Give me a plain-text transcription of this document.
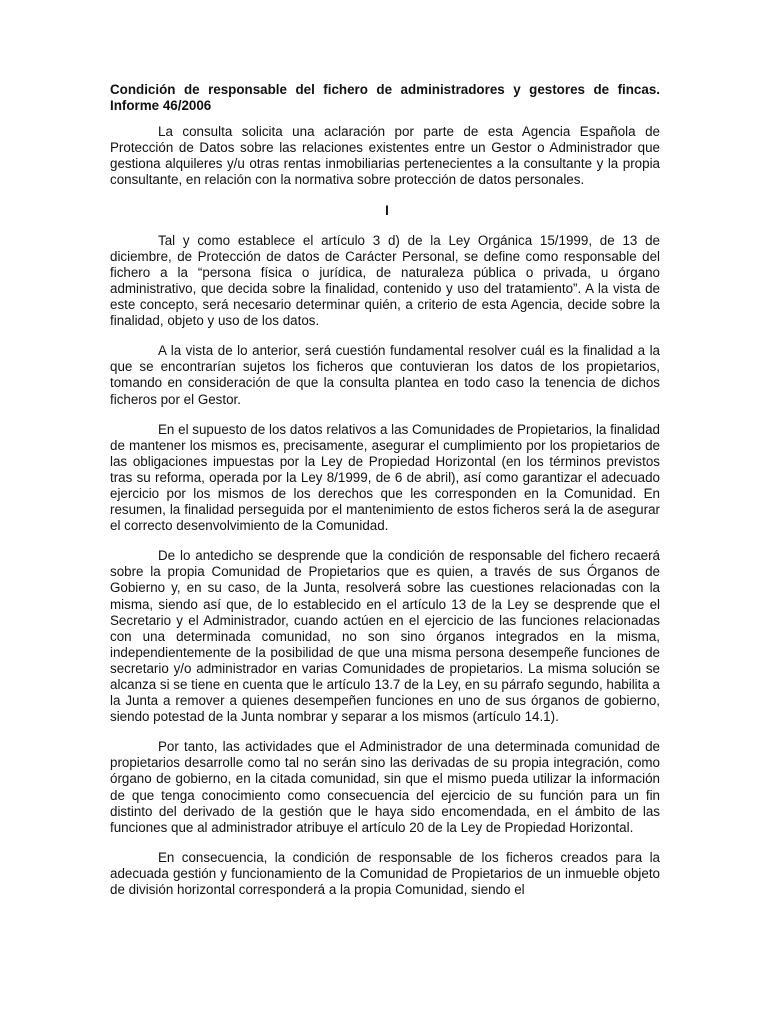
Condición de responsable del fichero de administradores y gestores de fincas. Informe 46/2006

La consulta solicita una aclaración por parte de esta Agencia Española de Protección de Datos sobre las relaciones existentes entre un Gestor o Administrador que gestiona alquileres y/u otras rentas inmobiliarias pertenecientes a la consultante y la propia consultante, en relación con la normativa sobre protección de datos personales.

I

Tal y como establece el artículo 3 d) de la Ley Orgánica 15/1999, de 13 de diciembre, de Protección de datos de Carácter Personal, se define como responsable del fichero a la “persona física o jurídica, de naturaleza pública o privada, u órgano administrativo, que decida sobre la finalidad, contenido y uso del tratamiento”. A la vista de este concepto, será necesario determinar quién, a criterio de esta Agencia, decide sobre la finalidad, objeto y uso de los datos.

A la vista de lo anterior, será cuestión fundamental resolver cuál es la finalidad a la que se encontrarían sujetos los ficheros que contuvieran los datos de los propietarios, tomando en consideración de que la consulta plantea en todo caso la tenencia de dichos ficheros por el Gestor.

En el supuesto de los datos relativos a las Comunidades de Propietarios, la finalidad de mantener los mismos es, precisamente, asegurar el cumplimiento por los propietarios de las obligaciones impuestas por la Ley de Propiedad Horizontal (en los términos previstos tras su reforma, operada por la Ley 8/1999, de 6 de abril), así como garantizar el adecuado ejercicio por los mismos de los derechos que les corresponden en la Comunidad. En resumen, la finalidad perseguida por el mantenimiento de estos ficheros será la de asegurar el correcto desenvolvimiento de la Comunidad.

De lo antedicho se desprende que la condición de responsable del fichero recaerá sobre la propia Comunidad de Propietarios que es quien, a través de sus Órganos de Gobierno y, en su caso, de la Junta, resolverá sobre las cuestiones relacionadas con la misma, siendo así que, de lo establecido en el artículo 13 de la Ley se desprende que el Secretario y el Administrador, cuando actúen en el ejercicio de las funciones relacionadas con una determinada comunidad, no son sino órganos integrados en la misma, independientemente de la posibilidad de que una misma persona desempeñe funciones de secretario y/o administrador en varias Comunidades de propietarios. La misma solución se alcanza si se tiene en cuenta que le artículo 13.7 de la Ley, en su párrafo segundo, habilita a la Junta a remover a quienes desempeñen funciones en uno de sus órganos de gobierno, siendo potestad de la Junta nombrar y separar a los mismos (artículo 14.1).

Por tanto, las actividades que el Administrador de una determinada comunidad de propietarios desarrolle como tal no serán sino las derivadas de su propia integración, como órgano de gobierno, en la citada comunidad, sin que el mismo pueda utilizar la información de que tenga conocimiento como consecuencia del ejercicio de su función para un fin distinto del derivado de la gestión que le haya sido encomendada, en el ámbito de las funciones que al administrador atribuye el artículo 20 de la Ley de Propiedad Horizontal.

En consecuencia, la condición de responsable de los ficheros creados para la adecuada gestión y funcionamiento de la Comunidad de Propietarios de un inmueble objeto de división horizontal corresponderá a la propia Comunidad, siendo el
